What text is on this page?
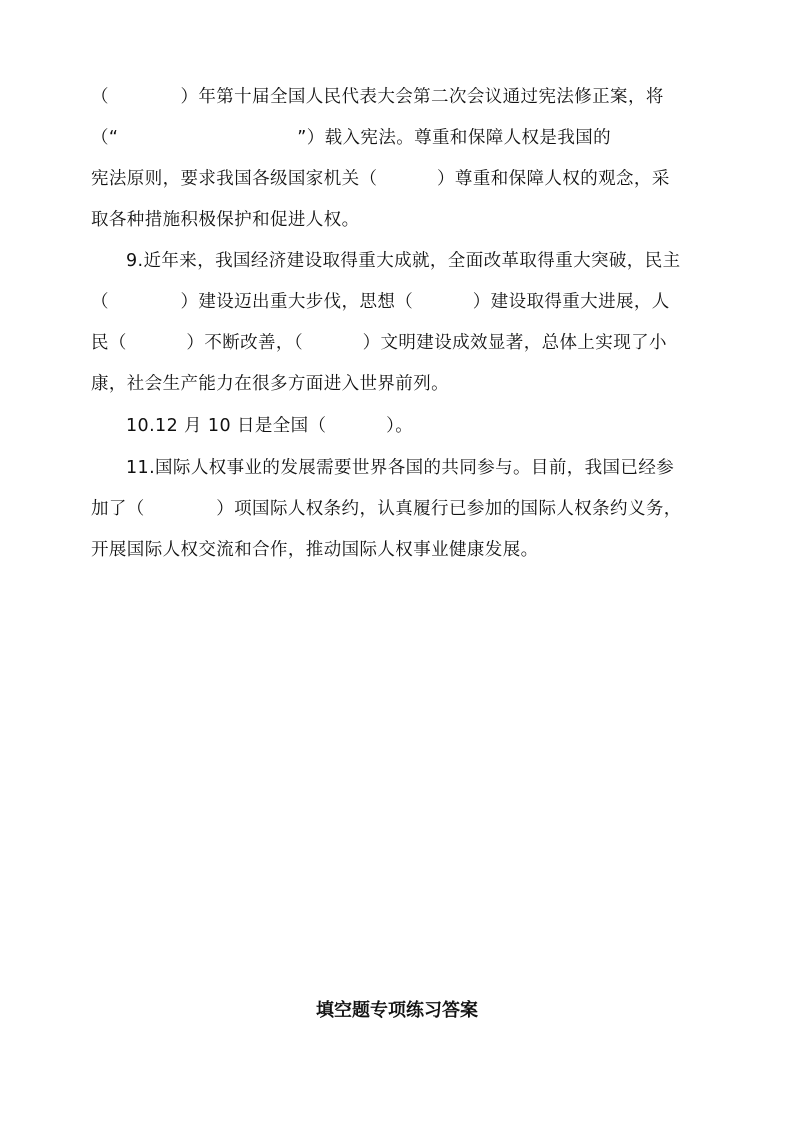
（            ）年第十届全国人民代表大会第二次会议通过宪法修正案，将
（“                              ”）载入宪法。尊重和保障人权是我国的
宪法原则，要求我国各级国家机关（          ）尊重和保障人权的观念，采
取各种措施积极保护和促进人权。
9.近年来，我国经济建设取得重大成就，全面改革取得重大突破，民主
（            ）建设迈出重大步伐，思想（          ）建设取得重大进展，人
民（          ）不断改善，（          ）文明建设成效显著，总体上实现了小
康，社会生产能力在很多方面进入世界前列。
10.12 月 10 日是全国（          ）。
11.国际人权事业的发展需要世界各国的共同参与。目前，我国已经参
加了（            ）项国际人权条约，认真履行已参加的国际人权条约义务，
开展国际人权交流和合作，推动国际人权事业健康发展。
填空题专项练习答案
